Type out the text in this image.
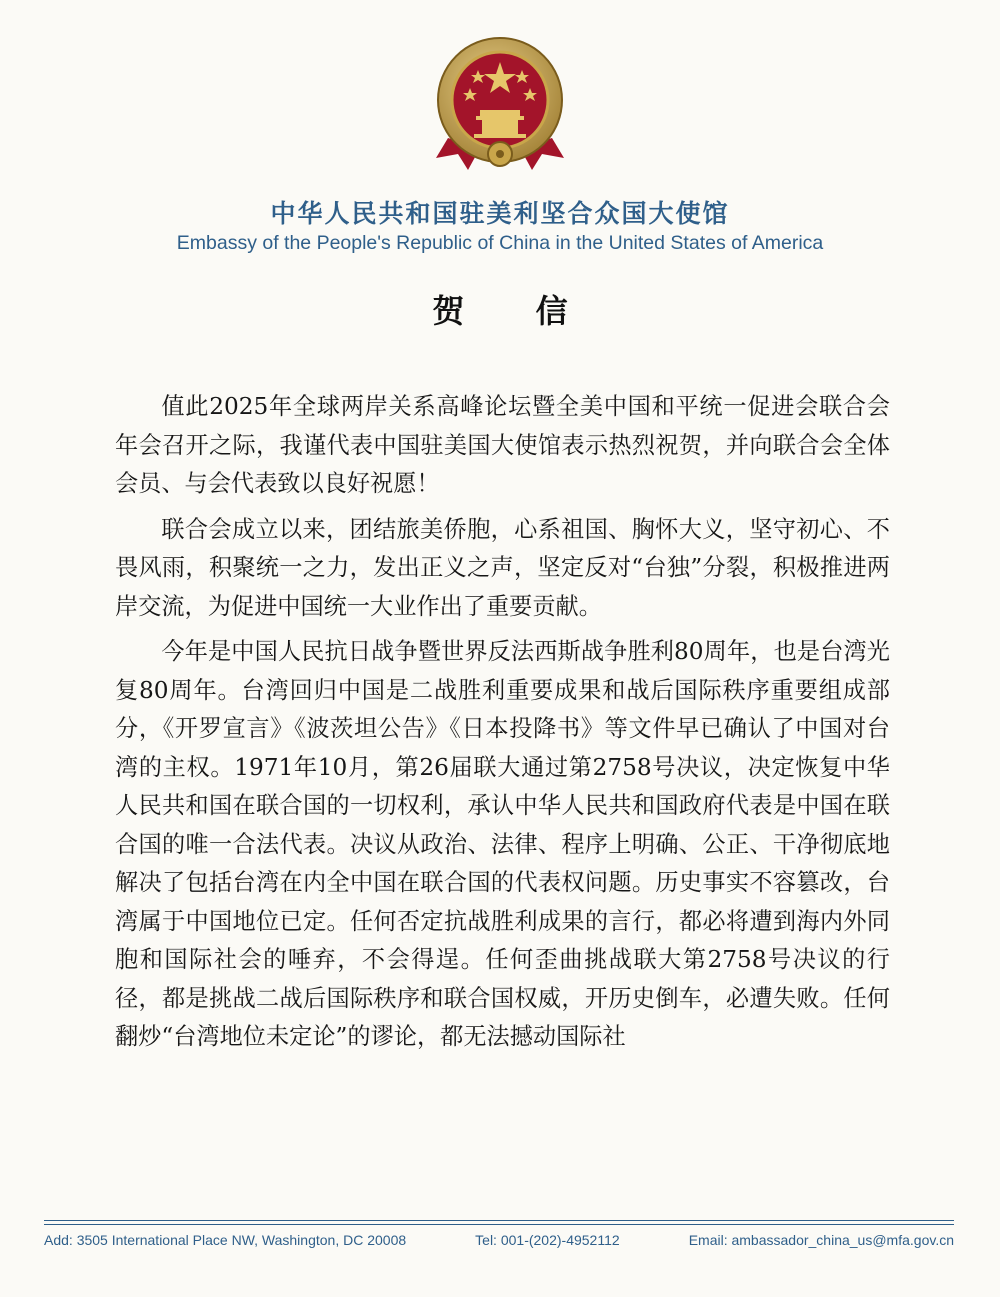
中华人民共和国驻美利坚合众国大使馆
Embassy of the People's Republic of China in the United States of America
贺 信

值此2025年全球两岸关系高峰论坛暨全美中国和平统一促进会联合会年会召开之际，我谨代表中国驻美国大使馆表示热烈祝贺，并向联合会全体会员、与会代表致以良好祝愿！

联合会成立以来，团结旅美侨胞，心系祖国、胸怀大义，坚守初心、不畏风雨，积聚统一之力，发出正义之声，坚定反对“台独”分裂，积极推进两岸交流，为促进中国统一大业作出了重要贡献。

今年是中国人民抗日战争暨世界反法西斯战争胜利80周年，也是台湾光复80周年。台湾回归中国是二战胜利重要成果和战后国际秩序重要组成部分，《开罗宣言》《波茨坦公告》《日本投降书》等文件早已确认了中国对台湾的主权。1971年10月，第26届联大通过第2758号决议，决定恢复中华人民共和国在联合国的一切权利，承认中华人民共和国政府代表是中国在联合国的唯一合法代表。决议从政治、法律、程序上明确、公正、干净彻底地解决了包括台湾在内全中国在联合国的代表权问题。历史事实不容篡改，台湾属于中国地位已定。任何否定抗战胜利成果的言行，都必将遭到海内外同胞和国际社会的唾弃，不会得逞。任何歪曲挑战联大第2758号决议的行径，都是挑战二战后国际秩序和联合国权威，开历史倒车，必遭失败。任何翻炒“台湾地位未定论”的谬论，都无法撼动国际社

Add: 3505 International Place NW, Washington, DC 20008	Tel: 001-(202)-4952112	Email: ambassador_china_us@mfa.gov.cn
